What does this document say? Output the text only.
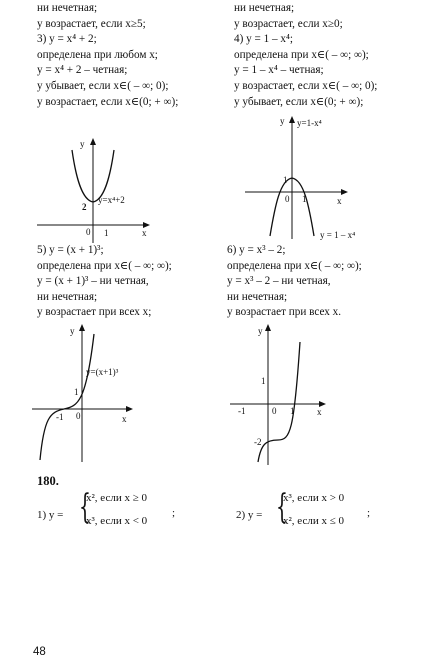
ни нечетная;
y возрастает, если x≥5;
3) y = x⁴ + 2;
определена при любом x;
y = x⁴ + 2 – четная;
y убывает, если x∈( – ∞; 0);
y возрастает, если x∈(0; + ∞);
ни нечетная;
y возрастает, если x≥0;
4) y = 1 – x⁴;
определена при x∈( – ∞; ∞);
y = 1 – x⁴ – четная;
y возрастает, если x∈( – ∞; 0);
y убывает, если x∈(0; + ∞);
y
x
0 1
2
y=x⁴+2
y
x
0 1
1
y=1-x⁴
y = 1 – x⁴
5) y = (x + 1)³;
определена при x∈( – ∞; ∞);
y = (x + 1)³ – ни четная,
ни нечетная;
y возрастает при всех x;
6) y = x³ – 2;
определена при x∈( – ∞; ∞);
y = x³ – 2 – ни четная,
ни нечетная;
y возрастает при всех x.
y
x
0
-1
1
y=(x+1)³
y
x
0
-1	1
1
-2
180.
1) y = {
x², если x ≥ 0
x³, если x < 0
;	2) y = {
x³, если x > 0
x², если x ≤ 0
;
48
